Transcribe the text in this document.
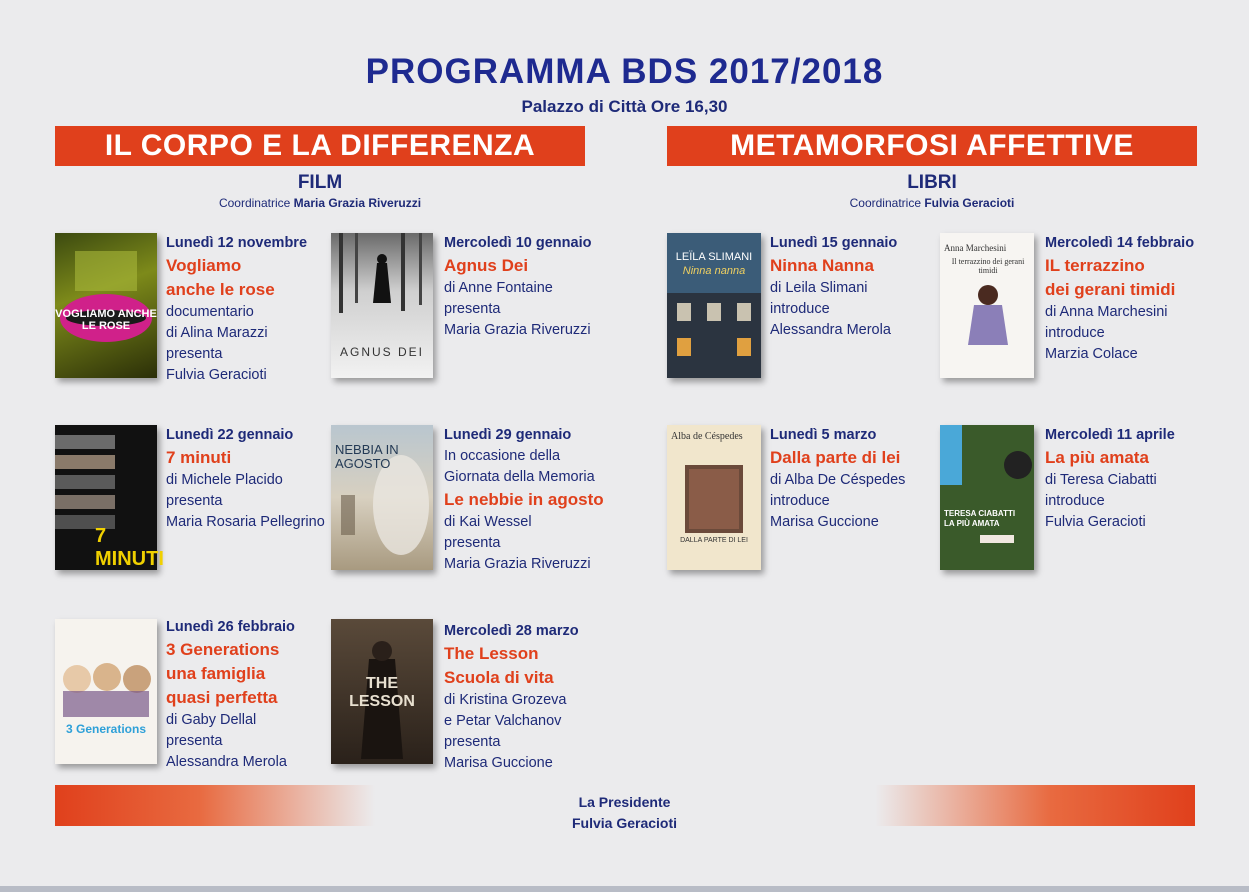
PROGRAMMA BDS 2017/2018
Palazzo di Città Ore 16,30
IL CORPO E LA DIFFERENZA
FILM
Coordinatrice Maria Grazia Riveruzzi
METAMORFOSI AFFETTIVE
LIBRI
Coordinatrice Fulvia Geracioti
VOGLIAMO ANCHE LE ROSE
Lunedì 12 novembre
Vogliamo
anche le rose
documentario
di Alina Marazzi
presenta
Fulvia Geracioti
AGNUS DEI
Mercoledì 10 gennaio
Agnus Dei
di Anne Fontaine
presenta
Maria Grazia Riveruzzi
7 MINUTI
Lunedì 22 gennaio
7 minuti
di Michele Placido
presenta
Maria Rosaria Pellegrino
NEBBIA IN AGOSTO
Lunedì 29 gennaio
In occasione della
Giornata della Memoria
Le nebbie in agosto
di Kai Wessel
presenta
Maria Grazia Riveruzzi
3 Generations
Lunedì 26 febbraio
3 Generations
una famiglia
quasi perfetta
di Gaby Dellal
presenta
Alessandra Merola
THE LESSON
Mercoledì 28 marzo
The Lesson
Scuola di vita
di Kristina Grozeva
e Petar Valchanov
presenta
Marisa Guccione
LEÏLA SLIMANI
Ninna nanna
Lunedì 15 gennaio
Ninna Nanna
di Leila Slimani
introduce
Alessandra Merola
Anna Marchesini
Il terrazzino dei gerani timidi
Mercoledì 14 febbraio
IL terrazzino
dei gerani timidi
di Anna Marchesini
introduce
Marzia Colace
Alba de Céspedes
DALLA PARTE DI LEI
Lunedì 5 marzo
Dalla parte di lei
di Alba De Céspedes
introduce
Marisa Guccione
TERESA CIABATTI
LA PIÙ AMATA
Mercoledì 11 aprile
La più amata
di Teresa Ciabatti
introduce
Fulvia Geracioti
La Presidente
Fulvia Geracioti
